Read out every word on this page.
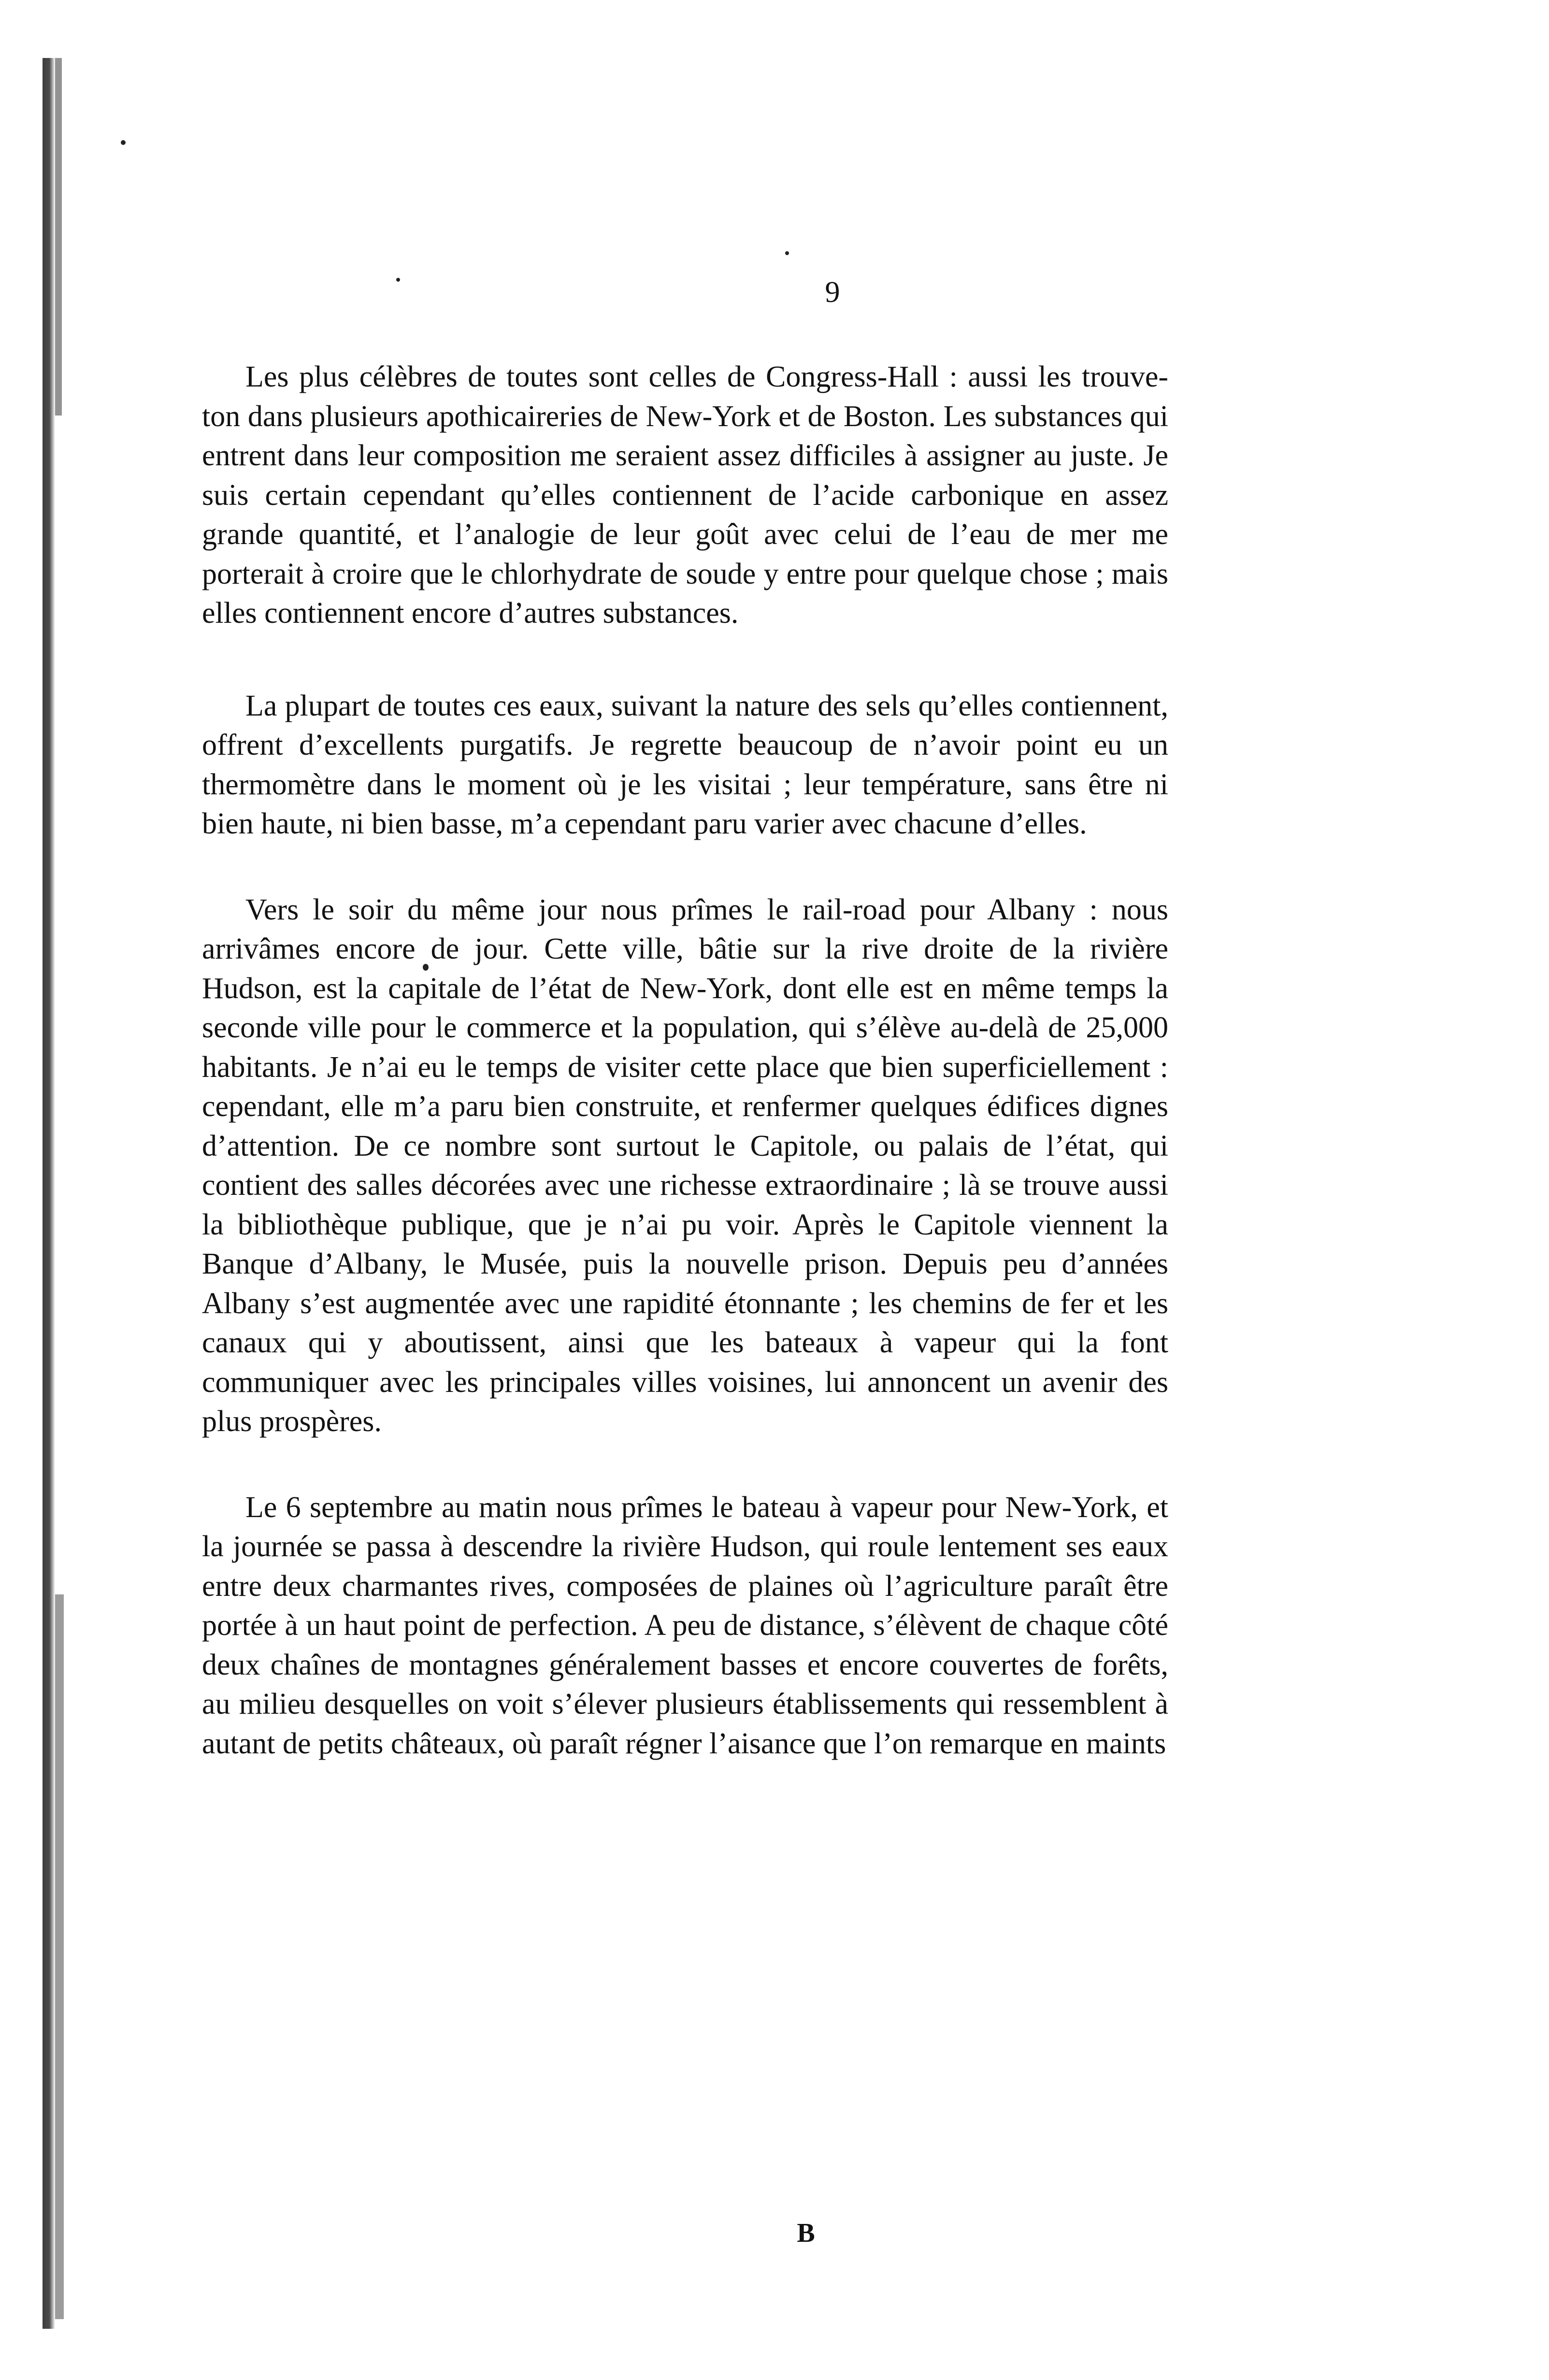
9

Les plus célèbres de toutes sont celles de Congress-Hall : aussi les trouve-ton dans plusieurs apothicaireries de New-York et de Boston. Les substances qui entrent dans leur composition me seraient assez difficiles à assigner au juste. Je suis certain cependant qu’elles contiennent de l’acide carbonique en assez grande quantité, et l’analogie de leur goût avec celui de l’eau de mer me porterait à croire que le chlorhydrate de soude y entre pour quelque chose ; mais elles contiennent encore d’autres substances.

La plupart de toutes ces eaux, suivant la nature des sels qu’elles contiennent, offrent d’excellents purgatifs. Je regrette beaucoup de n’avoir point eu un thermomètre dans le moment où je les visitai ; leur température, sans être ni bien haute, ni bien basse, m’a cependant paru varier avec chacune d’elles.

Vers le soir du même jour nous prîmes le rail-road pour Albany : nous arrivâmes encore de jour. Cette ville, bâtie sur la rive droite de la rivière Hudson, est la capitale de l’état de New-York, dont elle est en même temps la seconde ville pour le commerce et la population, qui s’élève au-delà de 25,000 habitants. Je n’ai eu le temps de visiter cette place que bien superficiellement : cependant, elle m’a paru bien construite, et renfermer quelques édifices dignes d’attention. De ce nombre sont surtout le Capitole, ou palais de l’état, qui contient des salles décorées avec une richesse extraordinaire ; là se trouve aussi la bibliothèque publique, que je n’ai pu voir. Après le Capitole viennent la Banque d’Albany, le Musée, puis la nouvelle prison. Depuis peu d’années Albany s’est augmentée avec une rapidité étonnante ; les chemins de fer et les canaux qui y aboutissent, ainsi que les bateaux à vapeur qui la font communiquer avec les principales villes voisines, lui annoncent un avenir des plus prospères.

Le 6 septembre au matin nous prîmes le bateau à vapeur pour New-York, et la journée se passa à descendre la rivière Hudson, qui roule lentement ses eaux entre deux charmantes rives, composées de plaines où l’agriculture paraît être portée à un haut point de perfection. A peu de distance, s’élèvent de chaque côté deux chaînes de montagnes généralement basses et encore couvertes de forêts, au milieu desquelles on voit s’élever plusieurs établissements qui ressemblent à autant de petits châteaux, où paraît régner l’aisance que l’on remarque en maints

B
